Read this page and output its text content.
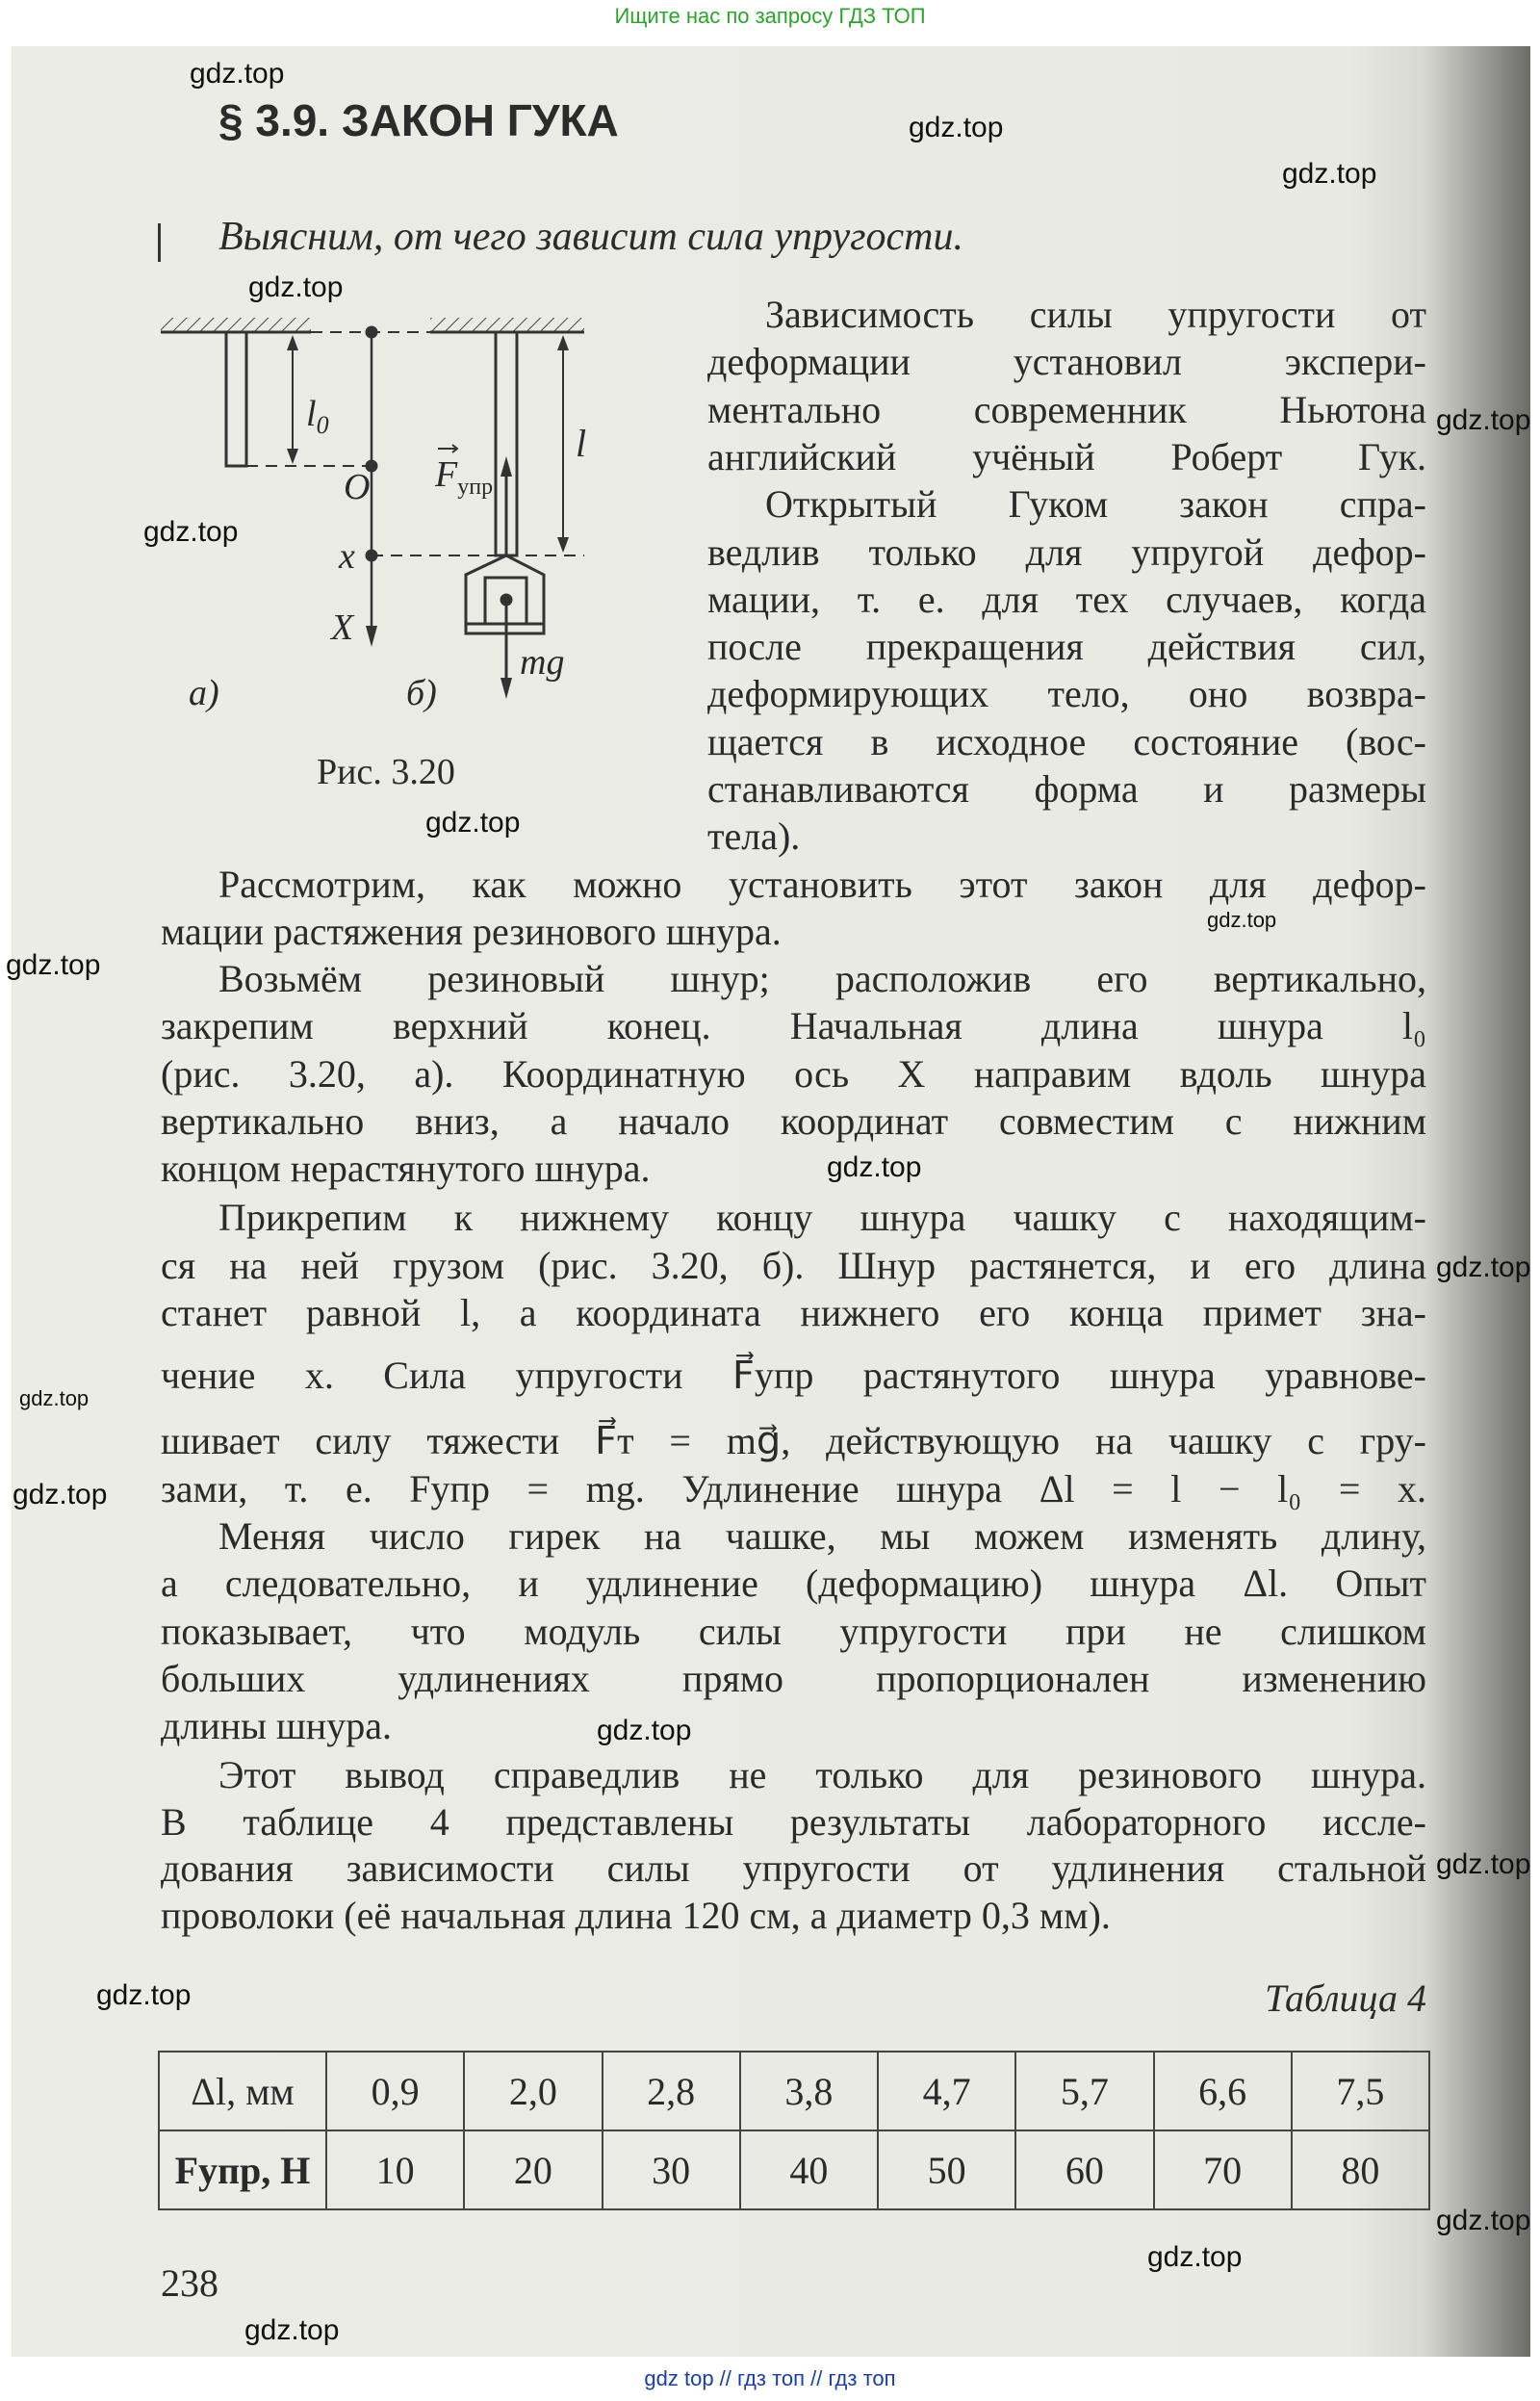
Ищите нас по запросу ГДЗ ТОП
§ 3.9. ЗАКОН ГУКА
Выясним, от чего зависит сила упругости.
$l_0$
O
x
X
l
$F_{упр}$
mg
а)	б)
Рис. 3.20
Зависимость силы упругости от
деформации установил экспери-
ментально современник Ньютона
английский учёный Роберт Гук.
Открытый Гуком закон спра-
ведлив только для упругой дефор-
мации, т. е. для тех случаев, когда
после прекращения действия сил,
деформирующих тело, оно возвра-
щается в исходное состояние (вос-
станавливаются форма и размеры
тела).
Рассмотрим, как можно установить этот закон для дефор-
мации растяжения резинового шнура.
Возьмём резиновый шнур; расположив его вертикально,
закрепим верхний конец. Начальная длина шнура l₀
(рис. 3.20, а). Координатную ось X направим вдоль шнура
вертикально вниз, а начало координат совместим с нижним
концом нерастянутого шнура.
Прикрепим к нижнему концу шнура чашку с находящим-
ся на ней грузом (рис. 3.20, б). Шнур растянется, и его длина
станет равной l, а координата нижнего его конца примет зна-
чение x. Сила упругости F⃗упр растянутого шнура уравнове-
шивает силу тяжести F⃗т = mg⃗, действующую на чашку с гру-
зами, т. е. Fупр = mg. Удлинение шнура Δl = l − l₀ = x.
Меняя число гирек на чашке, мы можем изменять длину,
а следовательно, и удлинение (деформацию) шнура Δl. Опыт
показывает, что модуль силы упругости при не слишком
больших удлинениях прямо пропорционален изменению
длины шнура.
Этот вывод справедлив не только для резинового шнура.
В таблице 4 представлены результаты лабораторного иссле-
дования зависимости силы упругости от удлинения стальной
проволоки (её начальная длина 120 см, а диаметр 0,3 мм).
Таблица 4
Δl, мм	0,9	2,0	2,8	3,8	4,7	5,7	6,6	7,5
Fупр, Н	10	20	30	40	50	60	70	80
238
gdz.top
gdz.top
gdz.top
gdz.top
gdz.top
gdz.top
gdz.top
gdz.top
gdz.top
gdz.top
gdz.top
gdz.top
gdz.top
gdz.top
gdz.top
gdz.top
gdz.top
gdz.top
gdz.top
gdz top // гдз топ // гдз топ
